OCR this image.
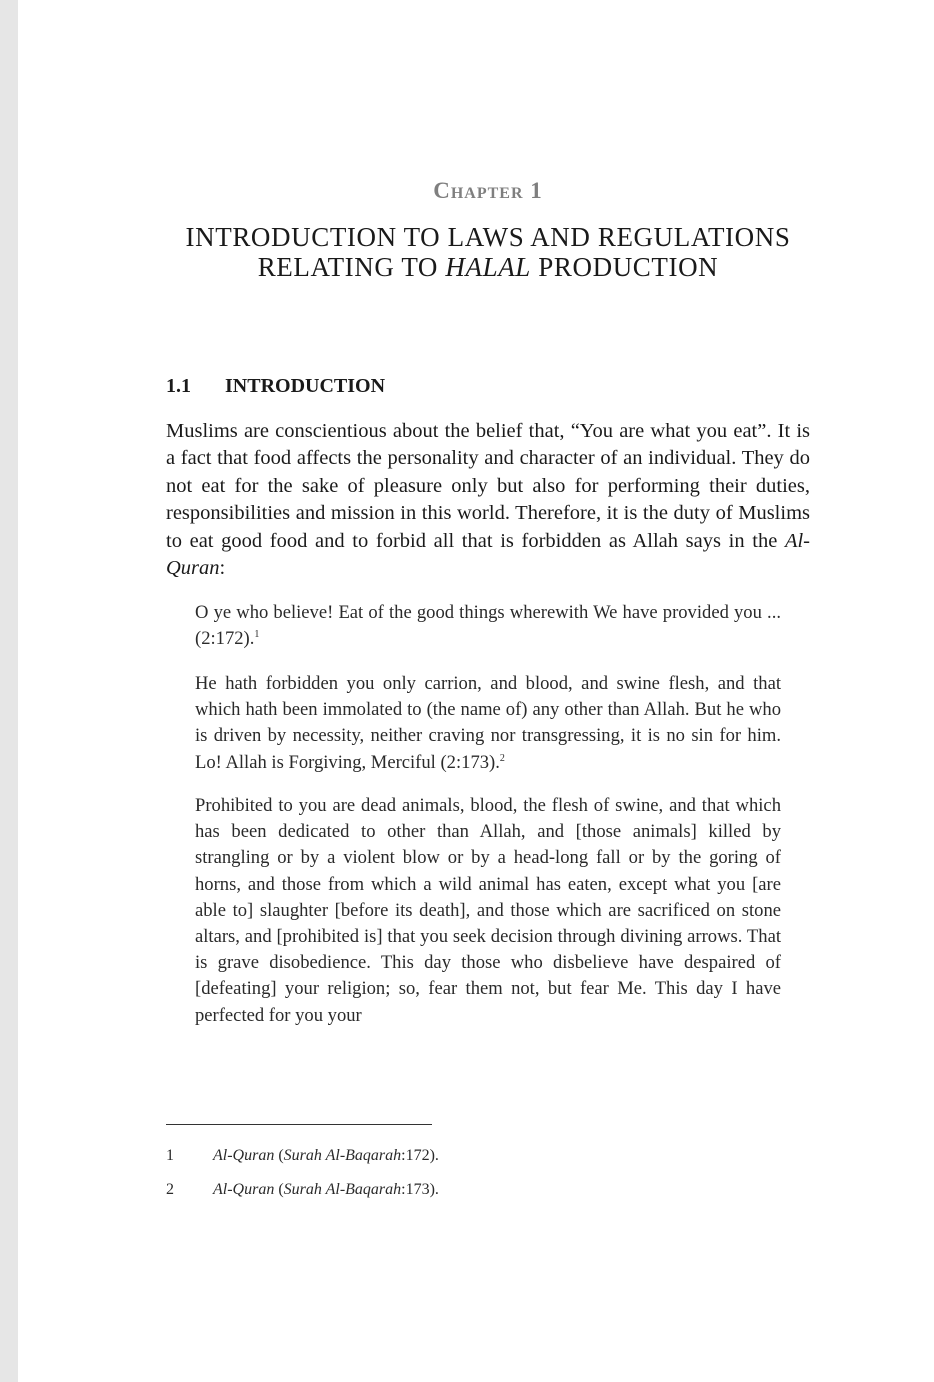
Chapter 1
INTRODUCTION TO LAWS AND REGULATIONS
RELATING TO HALAL PRODUCTION
1.1 INTRODUCTION

Muslims are conscientious about the belief that, “You are what you eat”. It is a fact that food affects the personality and character of an individual. They do not eat for the sake of pleasure only but also for performing their duties, responsibilities and mission in this world. Therefore, it is the duty of Muslims to eat good food and to forbid all that is forbidden as Allah says in the Al-Quran:

O ye who believe! Eat of the good things wherewith We have provided you ... (2:172).$^1$

He hath forbidden you only carrion, and blood, and swine flesh, and that which hath been immolated to (the name of) any other than Allah. But he who is driven by necessity, neither craving nor transgressing, it is no sin for him. Lo! Allah is Forgiving, Merciful (2:173).$^2$

Prohibited to you are dead animals, blood, the flesh of swine, and that which has been dedicated to other than Allah, and [those animals] killed by strangling or by a violent blow or by a head-long fall or by the goring of horns, and those from which a wild animal has eaten, except what you [are able to] slaughter [before its death], and those which are sacrificed on stone altars, and [prohibited is] that you seek decision through divining arrows. That is grave disobedience. This day those who disbelieve have despaired of [defeating] your religion; so, fear them not, but fear Me. This day I have perfected for you your

1 Al-Quran (Surah Al-Baqarah:172).
2 Al-Quran (Surah Al-Baqarah:173).
